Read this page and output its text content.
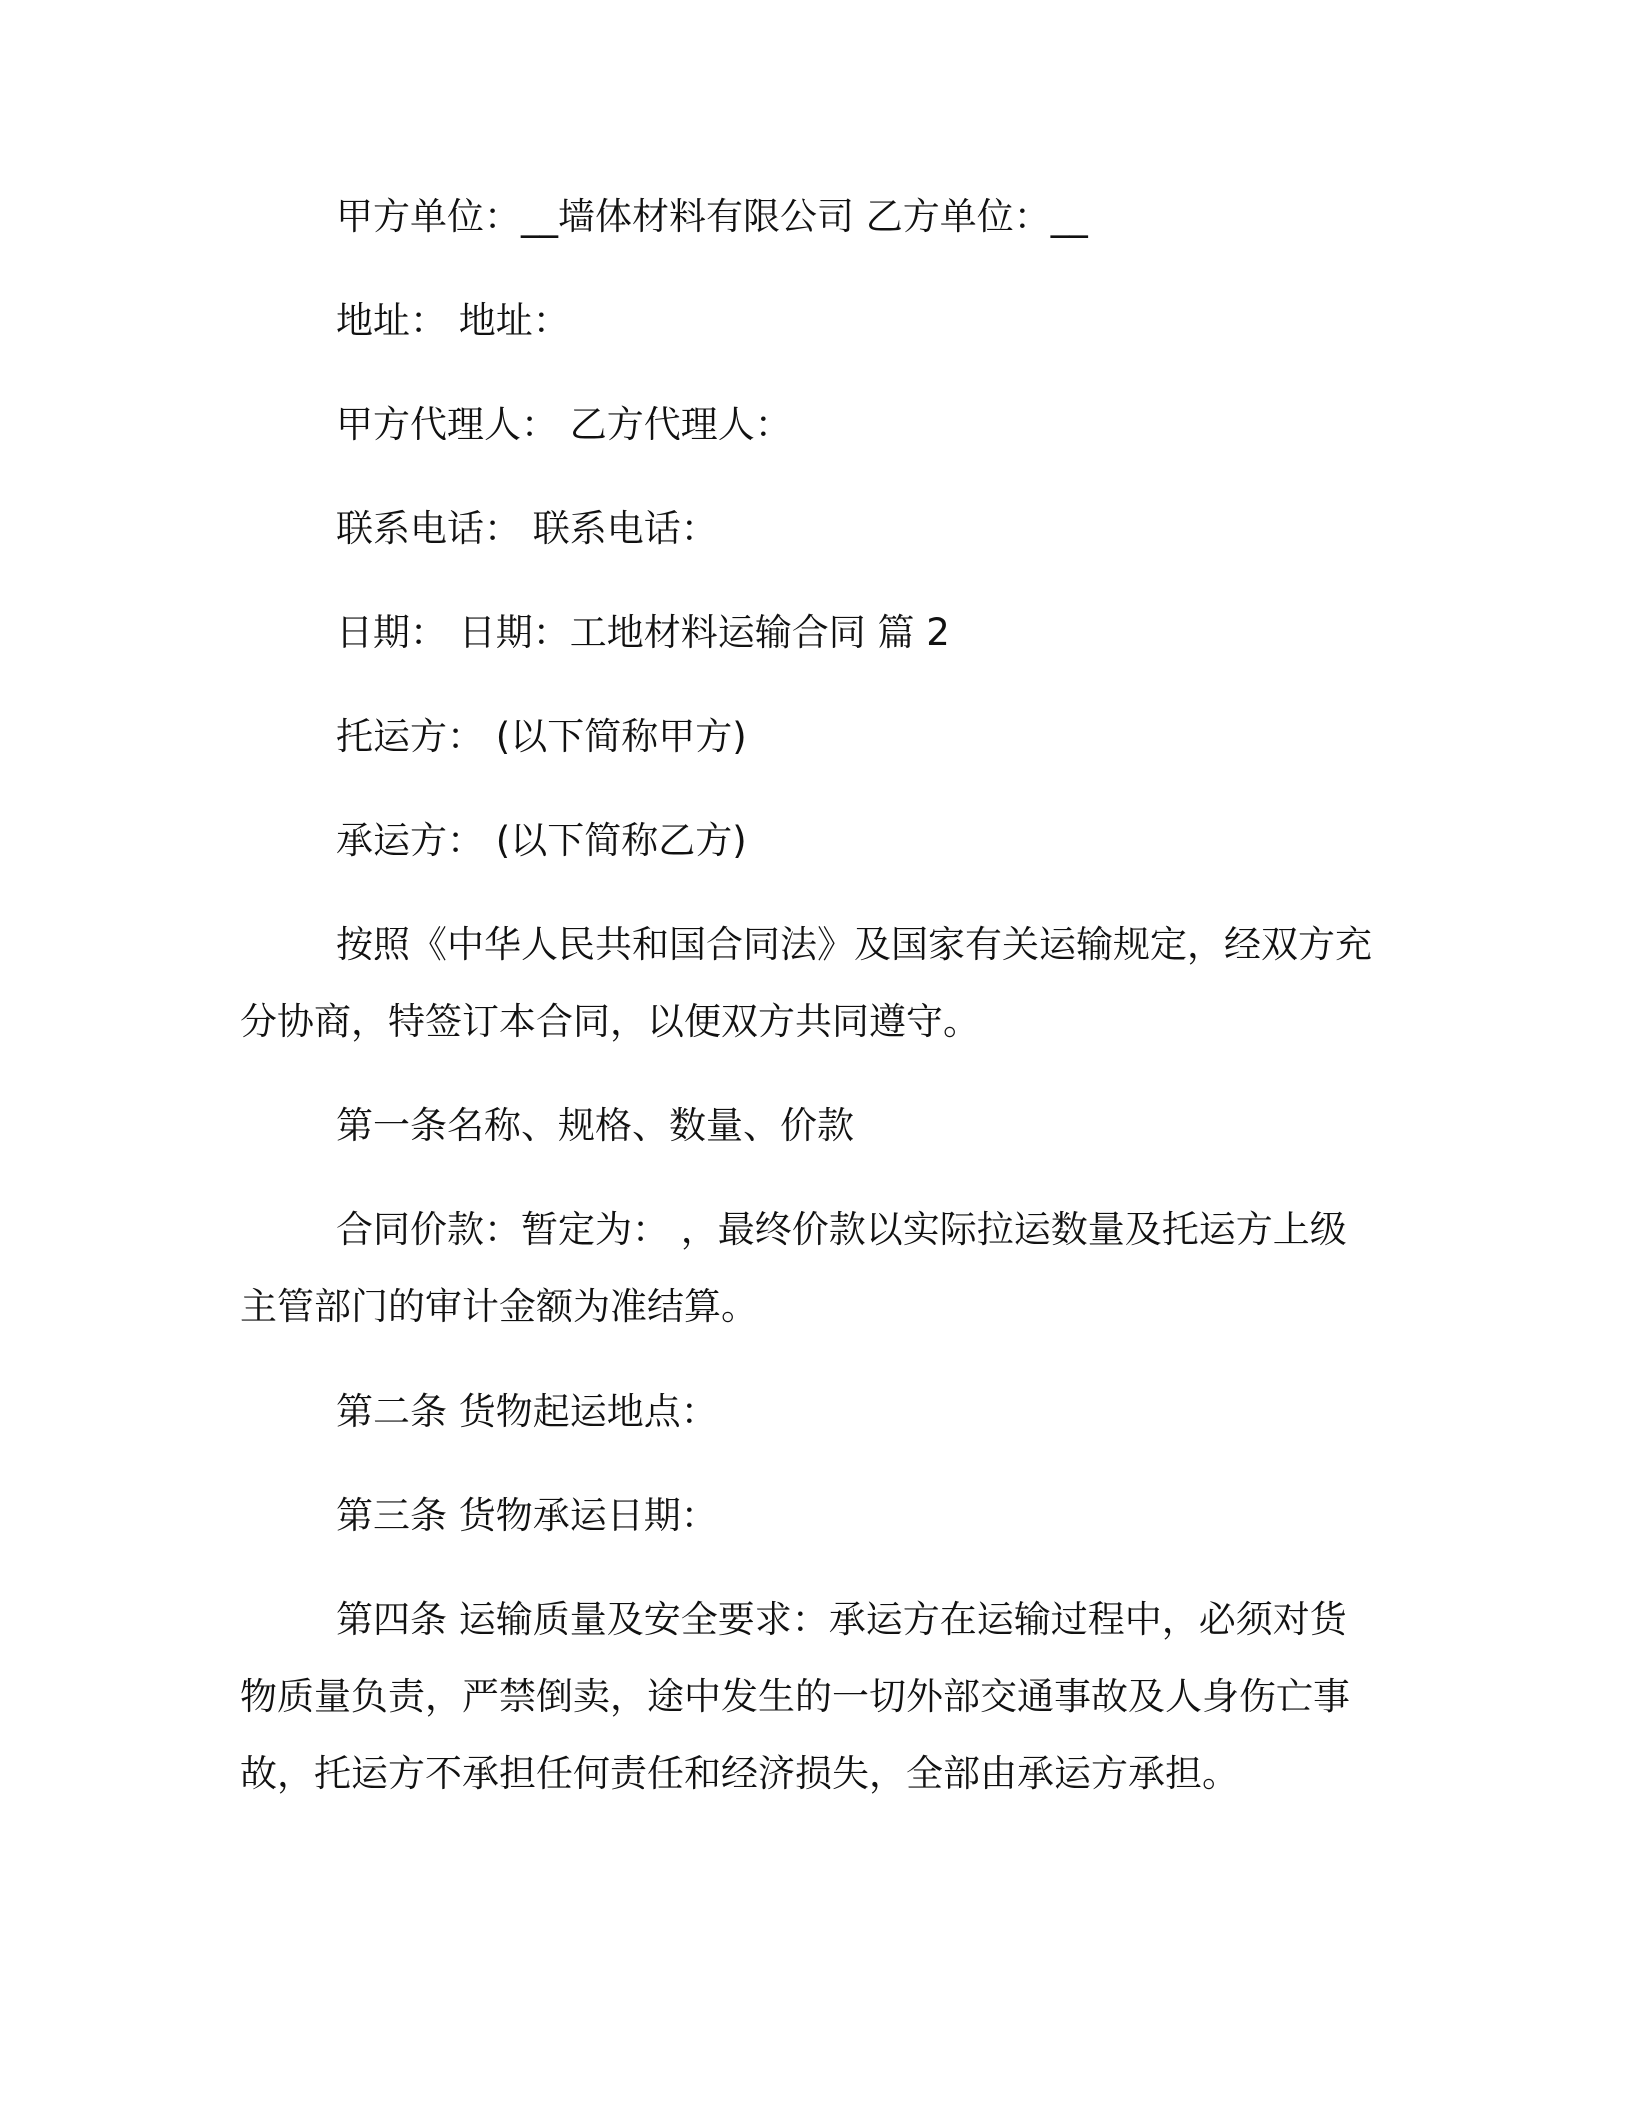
甲方单位：__墙体材料有限公司 乙方单位：__

地址： 地址：

甲方代理人： 乙方代理人：

联系电话： 联系电话：

日期： 日期：工地材料运输合同 篇 2

托运方： (以下简称甲方)

承运方： (以下简称乙方)

按照《中华人民共和国合同法》及国家有关运输规定，经双方充分协商，特签订本合同，以便双方共同遵守。

第一条名称、规格、数量、价款

合同价款：暂定为： ，最终价款以实际拉运数量及托运方上级主管部门的审计金额为准结算。

第二条 货物起运地点：

第三条 货物承运日期：

第四条 运输质量及安全要求：承运方在运输过程中，必须对货物质量负责，严禁倒卖，途中发生的一切外部交通事故及人身伤亡事故，托运方不承担任何责任和经济损失，全部由承运方承担。
